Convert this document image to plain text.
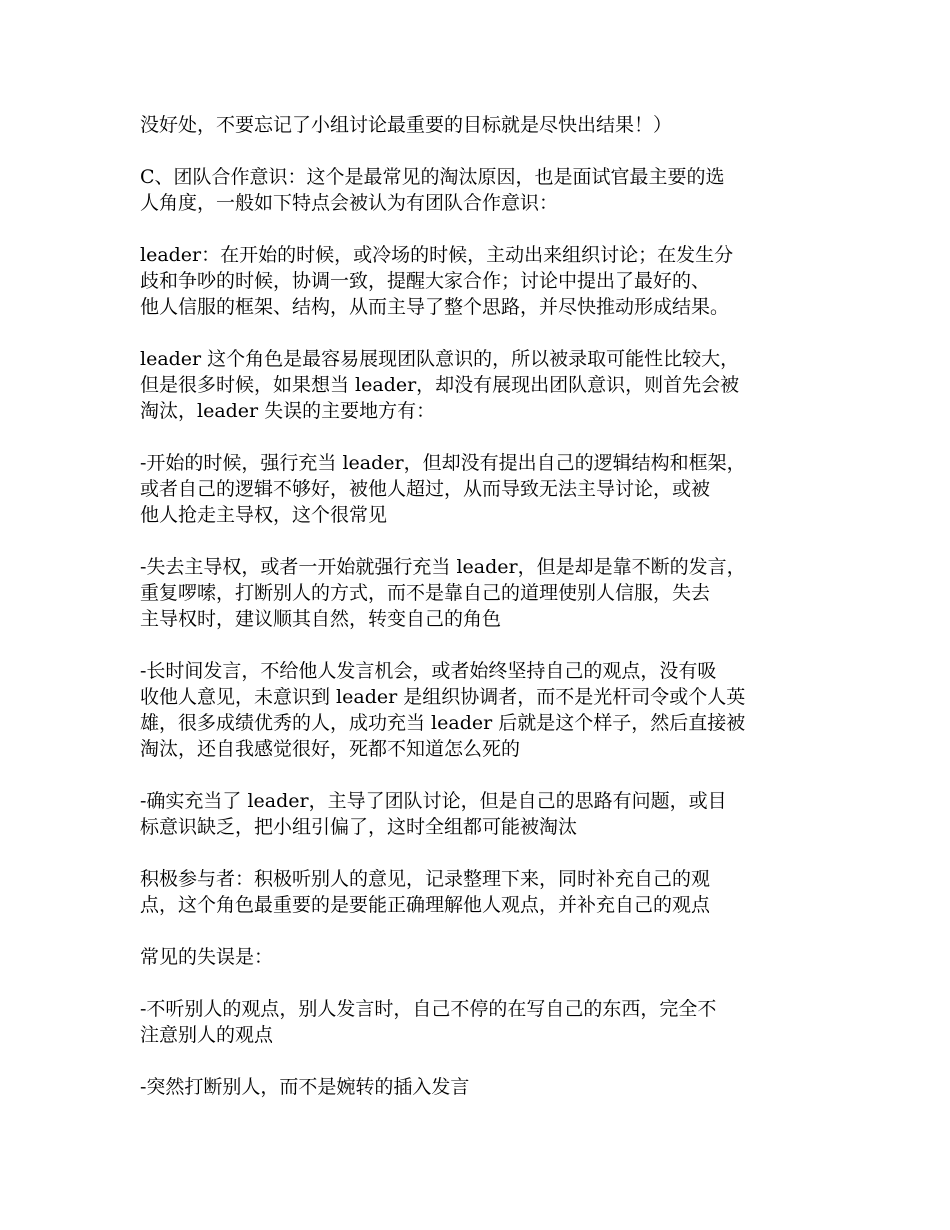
没好处，不要忘记了小组讨论最重要的目标就是尽快出结果！）

C、团队合作意识：这个是最常见的淘汰原因，也是面试官最主要的选
人角度，一般如下特点会被认为有团队合作意识：

leader：在开始的时候，或冷场的时候，主动出来组织讨论；在发生分
歧和争吵的时候，协调一致，提醒大家合作；讨论中提出了最好的、
他人信服的框架、结构，从而主导了整个思路，并尽快推动形成结果。

leader 这个角色是最容易展现团队意识的，所以被录取可能性比较大，
但是很多时候，如果想当 leader，却没有展现出团队意识，则首先会被
淘汰，leader 失误的主要地方有：

-开始的时候，强行充当 leader，但却没有提出自己的逻辑结构和框架，
或者自己的逻辑不够好，被他人超过，从而导致无法主导讨论，或被
他人抢走主导权，这个很常见

-失去主导权，或者一开始就强行充当 leader，但是却是靠不断的发言，
重复啰嗦，打断别人的方式，而不是靠自己的道理使别人信服，失去
主导权时，建议顺其自然，转变自己的角色

-长时间发言，不给他人发言机会，或者始终坚持自己的观点，没有吸
收他人意见，未意识到 leader 是组织协调者，而不是光杆司令或个人英
雄，很多成绩优秀的人，成功充当 leader 后就是这个样子，然后直接被
淘汰，还自我感觉很好，死都不知道怎么死的

-确实充当了 leader，主导了团队讨论，但是自己的思路有问题，或目
标意识缺乏，把小组引偏了，这时全组都可能被淘汰

积极参与者：积极听别人的意见，记录整理下来，同时补充自己的观
点，这个角色最重要的是要能正确理解他人观点，并补充自己的观点

常见的失误是：

-不听别人的观点，别人发言时，自己不停的在写自己的东西，完全不
注意别人的观点

-突然打断别人，而不是婉转的插入发言
